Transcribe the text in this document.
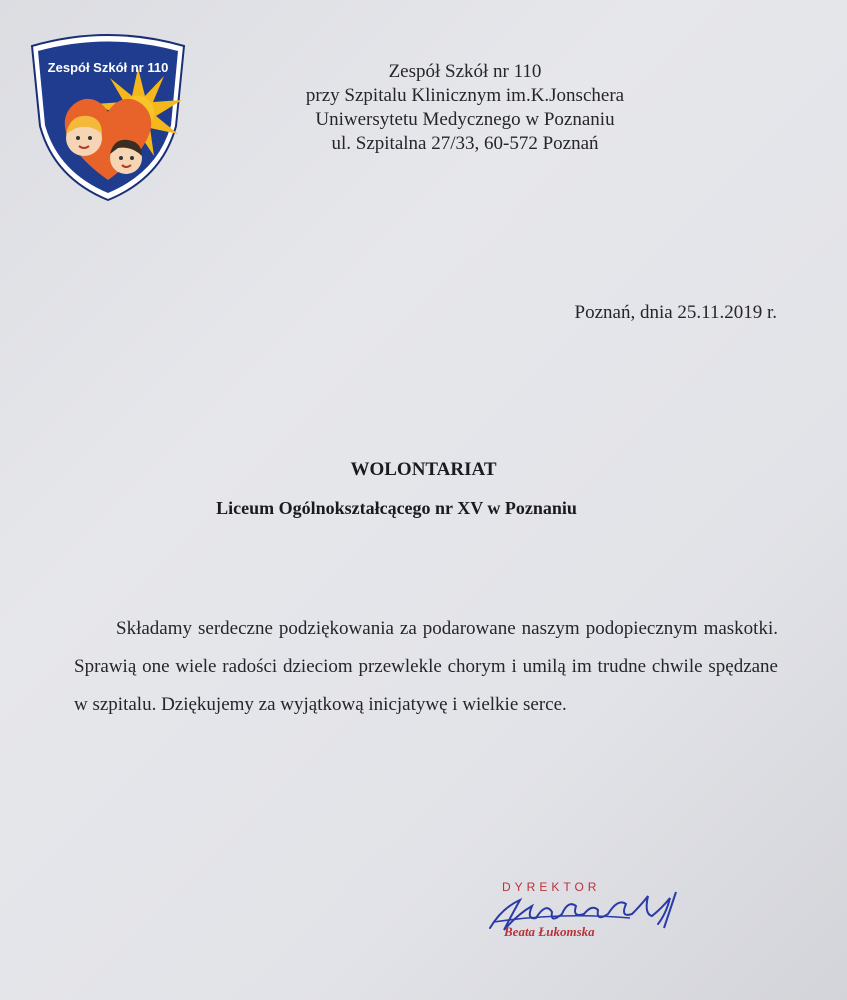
Zespół Szkół nr 110	Zespół Szkół nr 110
przy Szpitalu Klinicznym im.K.Jonschera
Uniwersytetu Medycznego w Poznaniu
ul. Szpitalna 27/33, 60-572 Poznań
Poznań, dnia 25.11.2019 r.
WOLONTARIAT
Liceum Ogólnokształcącego nr XV w Poznaniu
Składamy serdeczne podziękowania za podarowane naszym podopiecznym maskotki. Sprawią one wiele radości dzieciom przewlekle chorym i umilą im trudne chwile spędzane w szpitalu. Dziękujemy za wyjątkową inicjatywę i wielkie serce.
DYREKTOR
Beata Łukomska
